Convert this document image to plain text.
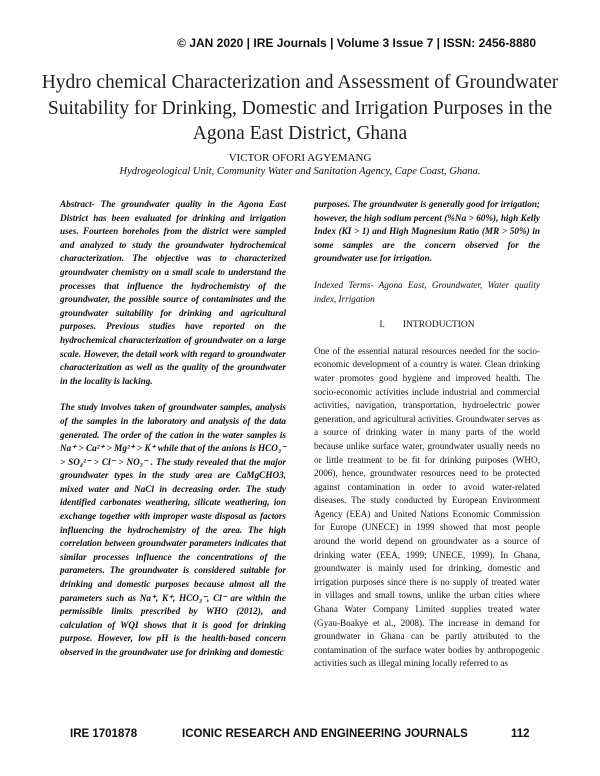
© JAN 2020 | IRE Journals | Volume 3 Issue 7 | ISSN: 2456-8880
Hydro chemical Characterization and Assessment of Groundwater Suitability for Drinking, Domestic and Irrigation Purposes in the Agona East District, Ghana
VICTOR OFORI AGYEMANG
Hydrogeological Unit, Community Water and Sanitation Agency, Cape Coast, Ghana.

Abstract- The groundwater quality in the Agona East District has been evaluated for drinking and irrigation uses. Fourteen boreholes from the district were sampled and analyzed to study the groundwater hydrochemical characterization. The objective was to characterized groundwater chemistry on a small scale to understand the processes that influence the hydrochemistry of the groundwater, the possible source of contaminates and the groundwater suitability for drinking and agricultural purposes. Previous studies have reported on the hydrochemical characterization of groundwater on a large scale. However, the detail work with regard to groundwater characterization as well as the quality of the groundwater in the locality is lacking.

The study involves taken of groundwater samples, analysis of the samples in the laboratory and analysis of the data generated. The order of the cation in the water samples is Na⁺ > Ca²⁺ > Mg²⁺ > K⁺ while that of the anions is HCO₃⁻ > SO₄²⁻ > Cl⁻ > NO₃⁻ . The study revealed that the major groundwater types in the study area are CaMgCHO3, mixed water and NaCl in decreasing order. The study identified carbonates weathering, silicate weathering, ion exchange together with improper waste disposal as factors influencing the hydrochemistry of the area. The high correlation between groundwater parameters indicates that similar processes influence the concentrations of the parameters. The groundwater is considered suitable for drinking and domestic purposes because almost all the parameters such as Na⁺, K⁺, HCO₃⁻, Cl⁻ are within the permissible limits prescribed by WHO (2012), and calculation of WQI shows that it is good for drinking purpose. However, low pH is the health-based concern observed in the groundwater use for drinking and domestic

purposes. The groundwater is generally good for irrigation; however, the high sodium percent (%Na > 60%), high Kelly Index (KI > 1) and High Magnesium Ratio (MR > 50%) in some samples are the concern observed for the groundwater use for irrigation.

Indexed Terms- Agona East, Groundwater, Water quality index, Irrigation

I. INTRODUCTION

One of the essential natural resources needed for the socio-economic development of a country is water. Clean drinking water promotes good hygiene and improved health. The socio-economic activities include industrial and commercial activities, navigation, transportation, hydroelectric power generation, and agricultural activities. Groundwater serves as a source of drinking water in many parts of the world because unlike surface water, groundwater usually needs no or little treatment to be fit for drinking purposes (WHO, 2006), hence, groundwater resources need to be protected against contamination in order to avoid water-related diseases. The study conducted by European Environment Agency (EEA) and United Nations Economic Commission for Europe (UNECE) in 1999 showed that most people around the world depend on groundwater as a source of drinking water (EEA, 1999; UNECE, 1999). In Ghana, groundwater is mainly used for drinking, domestic and irrigation purposes since there is no supply of treated water in villages and small towns, unlike the urban cities where Ghana Water Company Limited supplies treated water (Gyau-Boakye et al., 2008). The increase in demand for groundwater in Ghana can be partly attributed to the contamination of the surface water bodies by anthropogenic activities such as illegal mining locally referred to as

IRE 1701878	ICONIC RESEARCH AND ENGINEERING JOURNALS	112
